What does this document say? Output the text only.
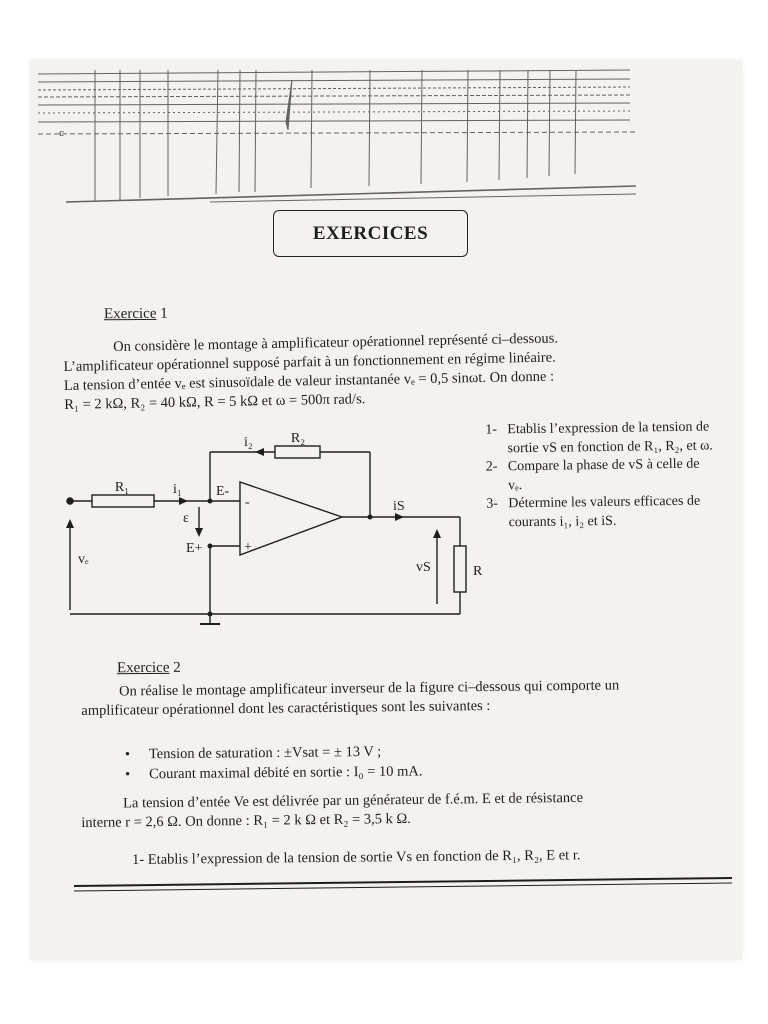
c
EXERCICES
Exercice 1

On considère le montage à amplificateur opérationnel représenté ci–dessous.

L’amplificateur opérationnel supposé parfait à un fonctionnement en régime linéaire.

La tension d’entée vₑ est sinusoïdale de valeur instantanée vₑ = 0,5 sinωt. On donne :

R₁ = 2 kΩ, R₂ = 40 kΩ, R = 5 kΩ et ω = 500π rad/s.

R₁
R₂
R
i₁
i₂
iS
E-
E+
ε
vₑ
vS
-
+
1- Etablis l’expression de la tension de sortie vS en fonction de R₁, R₂, et ω.
2- Compare la phase de vS à celle de vₑ.
3- Détermine les valeurs efficaces de courants i₁, i₂ et iS.
Exercice 2

On réalise le montage amplificateur inverseur de la figure ci–dessous qui comporte un

amplificateur opérationnel dont les caractéristiques sont les suivantes :

•	Tension de saturation : ±Vsat = ± 13 V ;
•	Courant maximal débité en sortie : I₀ = 10 mA.

La tension d’entée Ve est délivrée par un générateur de f.é.m. E et de résistance

interne r = 2,6 Ω. On donne : R₁ = 2 k Ω et R₂ = 3,5 k Ω.

1- Etablis l’expression de la tension de sortie Vs en fonction de R₁, R₂, E et r.
